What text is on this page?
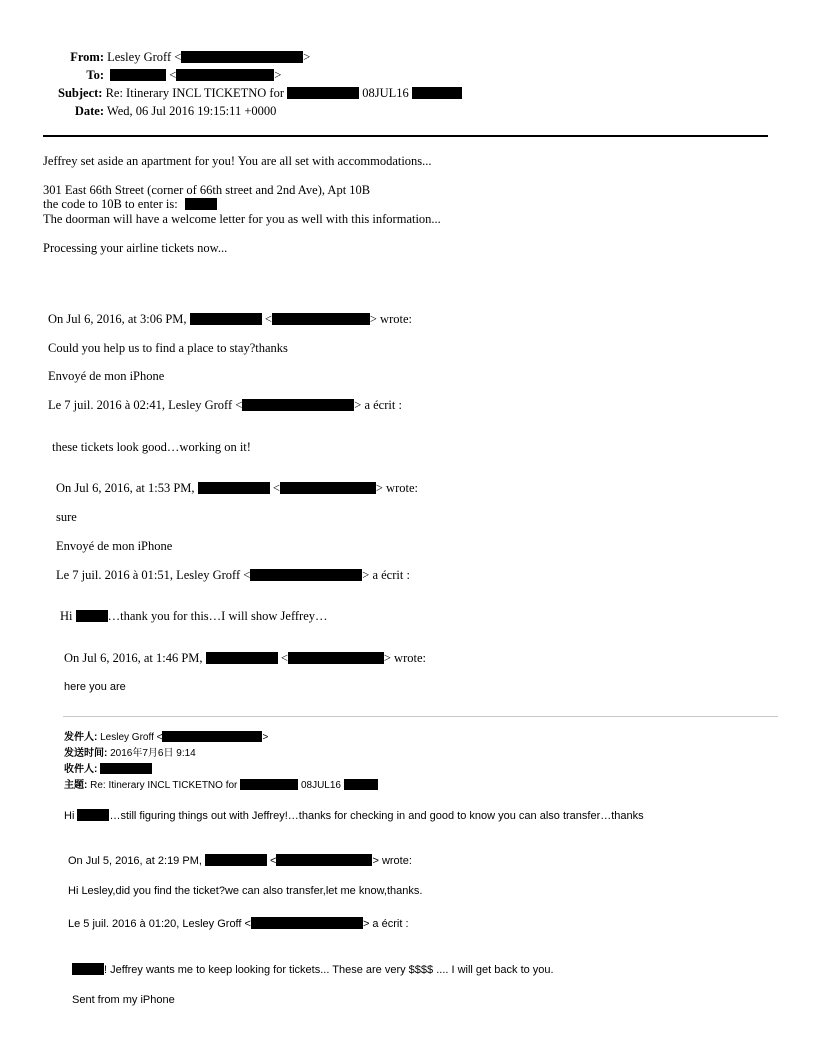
From: Lesley Groff <	>
To:	<	>
Subject: Re: Itinerary INCL TICKETNO for	08JUL16
Date: Wed, 06 Jul 2016 19:15:11 +0000
Jeffrey set aside an apartment for you! You are all set with accommodations...
301 East 66th Street (corner of 66th street and 2nd Ave), Apt 10B
the code to 10B to enter is:
The doorman will have a welcome letter for you as well with this information...
Processing your airline tickets now...
On Jul 6, 2016, at 3:06 PM,	<	> wrote:
Could you help us to find a place to stay?thanks
Envoyé de mon iPhone
Le 7 juil. 2016 à 02:41, Lesley Groff <	> a écrit :
these tickets look good…working on it!
On Jul 6, 2016, at 1:53 PM,	<	> wrote:
sure
Envoyé de mon iPhone
Le 7 juil. 2016 à 01:51, Lesley Groff <	> a écrit :
Hi	…thank you for this…I will show Jeffrey…
On Jul 6, 2016, at 1:46 PM,	<	> wrote:
here you are
发件人: Lesley Groff <	>
发送时间: 2016年7月6日 9:14
收件人:
主题: Re: Itinerary INCL TICKETNO for	08JUL16
Hi	…still figuring things out with Jeffrey!…thanks for checking in and good to know you can also transfer…thanks
On Jul 5, 2016, at 2:19 PM,	<	> wrote:
Hi Lesley,did you find the ticket?we can also transfer,let me know,thanks.
Le 5 juil. 2016 à 01:20, Lesley Groff <	> a écrit :
! Jeffrey wants me to keep looking for tickets... These are very $$$$ .... I will get back to you.
Sent from my iPhone
